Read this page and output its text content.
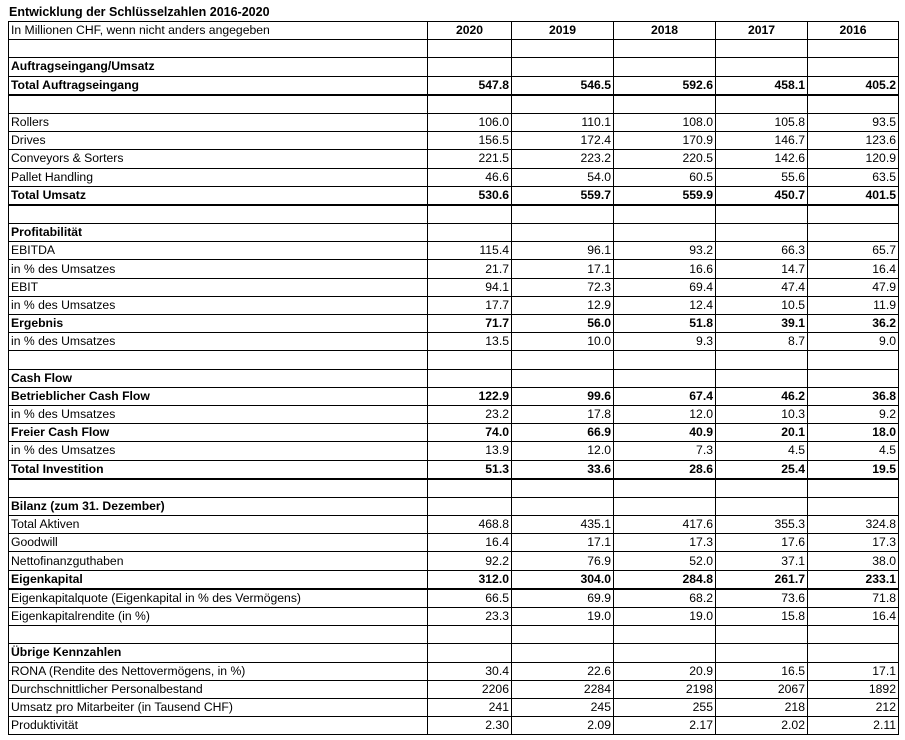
Entwicklung der Schlüsselzahlen 2016-2020
In Millionen CHF, wenn nicht anders angegeben	2020	2019	2018	2017	2016

Auftragseingang/Umsatz					
Total Auftragseingang	547.8	546.5	592.6	458.1	405.2

Rollers	106.0	110.1	108.0	105.8	93.5
Drives	156.5	172.4	170.9	146.7	123.6
Conveyors & Sorters	221.5	223.2	220.5	142.6	120.9
Pallet Handling	46.6	54.0	60.5	55.6	63.5
Total Umsatz	530.6	559.7	559.9	450.7	401.5

Profitabilität					
EBITDA	115.4	96.1	93.2	66.3	65.7
in % des Umsatzes	21.7	17.1	16.6	14.7	16.4
EBIT	94.1	72.3	69.4	47.4	47.9
in % des Umsatzes	17.7	12.9	12.4	10.5	11.9
Ergebnis	71.7	56.0	51.8	39.1	36.2
in % des Umsatzes	13.5	10.0	9.3	8.7	9.0

Cash Flow					
Betrieblicher Cash Flow	122.9	99.6	67.4	46.2	36.8
in % des Umsatzes	23.2	17.8	12.0	10.3	9.2
Freier Cash Flow	74.0	66.9	40.9	20.1	18.0
in % des Umsatzes	13.9	12.0	7.3	4.5	4.5
Total Investition	51.3	33.6	28.6	25.4	19.5

Bilanz (zum 31. Dezember)					
Total Aktiven	468.8	435.1	417.6	355.3	324.8
Goodwill	16.4	17.1	17.3	17.6	17.3
Nettofinanzguthaben	92.2	76.9	52.0	37.1	38.0
Eigenkapital	312.0	304.0	284.8	261.7	233.1
Eigenkapitalquote (Eigenkapital in % des Vermögens)	66.5	69.9	68.2	73.6	71.8
Eigenkapitalrendite (in %)	23.3	19.0	19.0	15.8	16.4

Übrige Kennzahlen					
RONA (Rendite des Nettovermögens, in %)	30.4	22.6	20.9	16.5	17.1
Durchschnittlicher Personalbestand	2206	2284	2198	2067	1892
Umsatz pro Mitarbeiter (in Tausend CHF)	241	245	255	218	212
Produktivität	2.30	2.09	2.17	2.02	2.11
